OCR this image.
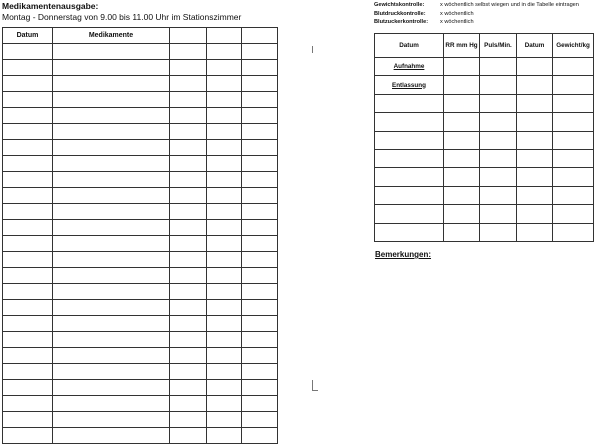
Medikamentenausgabe:
Montag - Donnerstag von 9.00 bis 11.00 Uhr im Stationszimmer
Datum	Medikamente			

Gewichtskontrolle:	x wöchentlich selbst wiegen und in die Tabelle eintragen
Blutdruckkontrolle:	x wöchentlich
Blutzuckerkontrolle:	x wöchentlich
Datum	RR mm Hg	Puls/Min.	Datum	Gewicht/kg
Aufnahme				
Entlassung				

Bemerkungen:
